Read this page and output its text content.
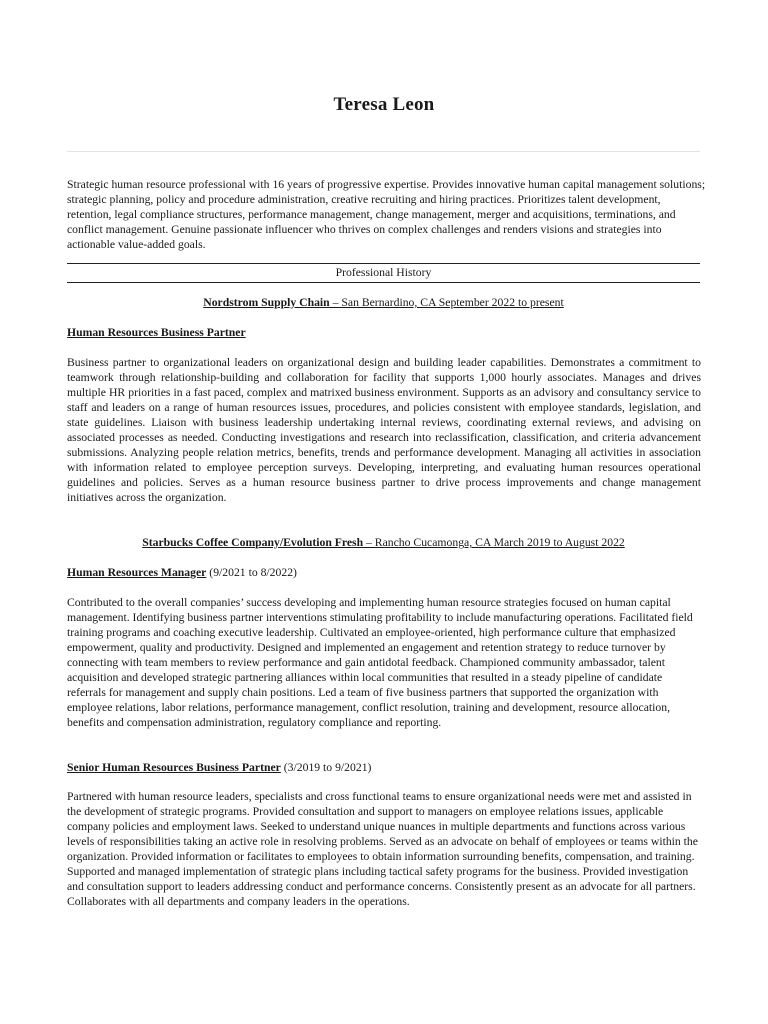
Teresa Leon

Strategic human resource professional with 16 years of progressive expertise. Provides innovative human capital management solutions; strategic planning, policy and procedure administration, creative recruiting and hiring practices. Prioritizes talent development, retention, legal compliance structures, performance management, change management, merger and acquisitions, terminations, and conflict management. Genuine passionate influencer who thrives on complex challenges and renders visions and strategies into actionable value-added goals.

Professional History
Nordstrom Supply Chain – San Bernardino, CA September 2022 to present
Human Resources Business Partner

Business partner to organizational leaders on organizational design and building leader capabilities. Demonstrates a commitment to teamwork through relationship-building and collaboration for facility that supports 1,000 hourly associates. Manages and drives multiple HR priorities in a fast paced, complex and matrixed business environment. Supports as an advisory and consultancy service to staff and leaders on a range of human resources issues, procedures, and policies consistent with employee standards, legislation, and state guidelines. Liaison with business leadership undertaking internal reviews, coordinating external reviews, and advising on associated processes as needed. Conducting investigations and research into reclassification, classification, and criteria advancement submissions. Analyzing people relation metrics, benefits, trends and performance development. Managing all activities in association with information related to employee perception surveys. Developing, interpreting, and evaluating human resources operational guidelines and policies. Serves as a human resource business partner to drive process improvements and change management initiatives across the organization.

Starbucks Coffee Company/Evolution Fresh – Rancho Cucamonga, CA March 2019 to August 2022
Human Resources Manager (9/2021 to 8/2022)

Contributed to the overall companies’ success developing and implementing human resource strategies focused on human capital management. Identifying business partner interventions stimulating profitability to include manufacturing operations. Facilitated field training programs and coaching executive leadership. Cultivated an employee-oriented, high performance culture that emphasized empowerment, quality and productivity. Designed and implemented an engagement and retention strategy to reduce turnover by connecting with team members to review performance and gain antidotal feedback. Championed community ambassador, talent acquisition and developed strategic partnering alliances within local communities that resulted in a steady pipeline of candidate referrals for management and supply chain positions. Led a team of five business partners that supported the organization with employee relations, labor relations, performance management, conflict resolution, training and development, resource allocation, benefits and compensation administration, regulatory compliance and reporting.

Senior Human Resources Business Partner (3/2019 to 9/2021)

Partnered with human resource leaders, specialists and cross functional teams to ensure organizational needs were met and assisted in the development of strategic programs. Provided consultation and support to managers on employee relations issues, applicable company policies and employment laws. Seeked to understand unique nuances in multiple departments and functions across various levels of responsibilities taking an active role in resolving problems. Served as an advocate on behalf of employees or teams within the organization. Provided information or facilitates to employees to obtain information surrounding benefits, compensation, and training. Supported and managed implementation of strategic plans including tactical safety programs for the business. Provided investigation and consultation support to leaders addressing conduct and performance concerns. Consistently present as an advocate for all partners. Collaborates with all departments and company leaders in the operations.
